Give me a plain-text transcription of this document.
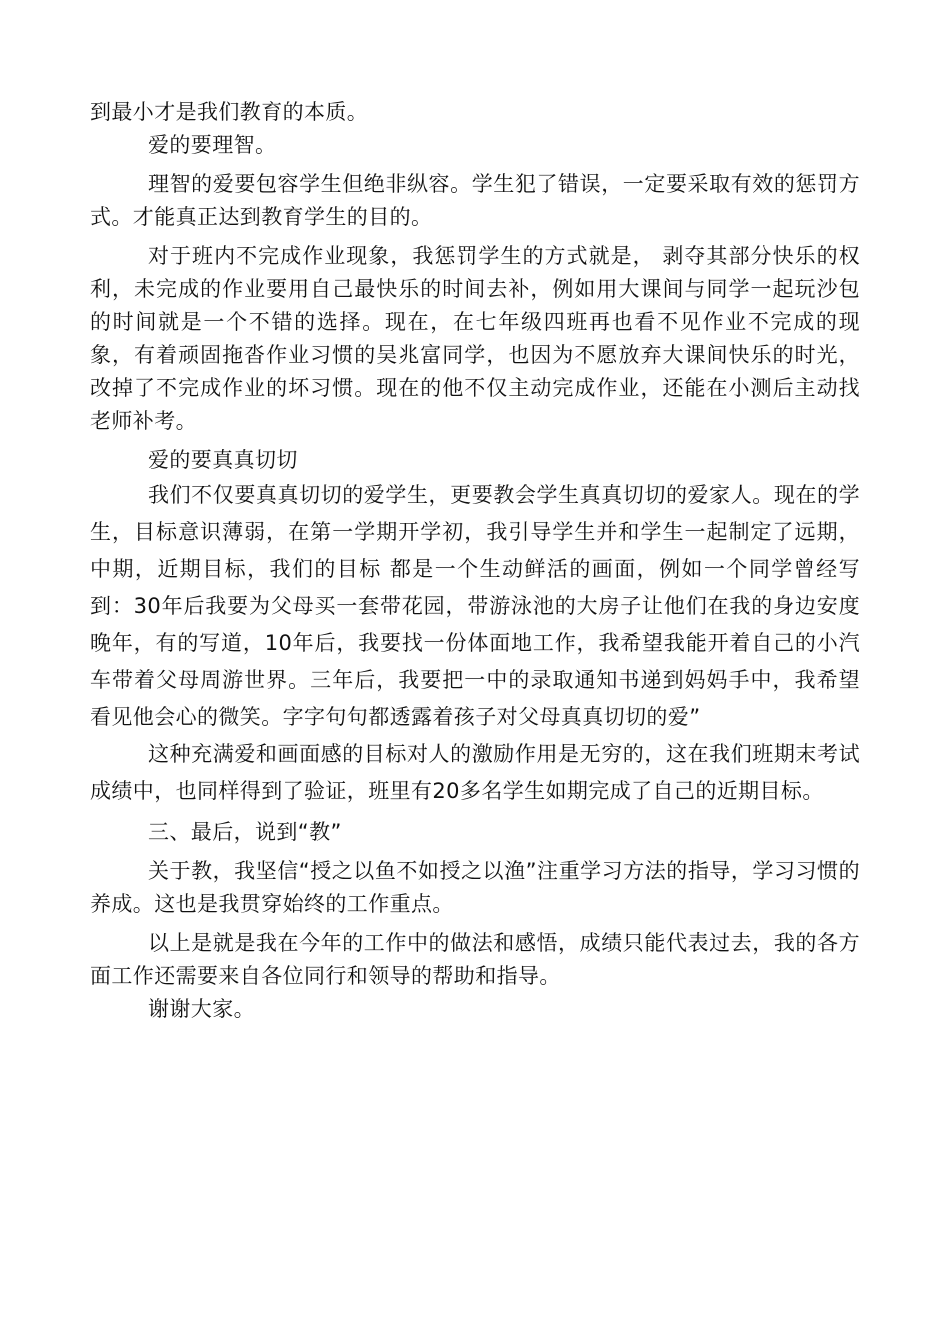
到最小才是我们教育的本质。

爱的要理智。

理智的爱要包容学生但绝非纵容。学生犯了错误，一定要采取有效的惩罚方式。才能真正达到教育学生的目的。

对于班内不完成作业现象，我惩罚学生的方式就是， 剥夺其部分快乐的权利，未完成的作业要用自己最快乐的时间去补，例如用大课间与同学一起玩沙包的时间就是一个不错的选择。现在，在七年级四班再也看不见作业不完成的现象，有着顽固拖沓作业习惯的吴兆富同学，也因为不愿放弃大课间快乐的时光，改掉了不完成作业的坏习惯。现在的他不仅主动完成作业，还能在小测后主动找老师补考。

爱的要真真切切

我们不仅要真真切切的爱学生，更要教会学生真真切切的爱家人。现在的学生，目标意识薄弱，在第一学期开学初，我引导学生并和学生一起制定了远期，中期，近期目标，我们的目标 都是一个生动鲜活的画面，例如一个同学曾经写到：30年后我要为父母买一套带花园，带游泳池的大房子让他们在我的身边安度晚年，有的写道，10年后，我要找一份体面地工作，我希望我能开着自己的小汽车带着父母周游世界。三年后，我要把一中的录取通知书递到妈妈手中，我希望看见他会心的微笑。字字句句都透露着孩子对父母真真切切的爱”

这种充满爱和画面感的目标对人的激励作用是无穷的，这在我们班期末考试成绩中，也同样得到了验证，班里有20多名学生如期完成了自己的近期目标。

三、最后，说到“教”

关于教，我坚信“授之以鱼不如授之以渔”注重学习方法的指导，学习习惯的养成。这也是我贯穿始终的工作重点。

以上是就是我在今年的工作中的做法和感悟，成绩只能代表过去，我的各方面工作还需要来自各位同行和领导的帮助和指导。

谢谢大家。
